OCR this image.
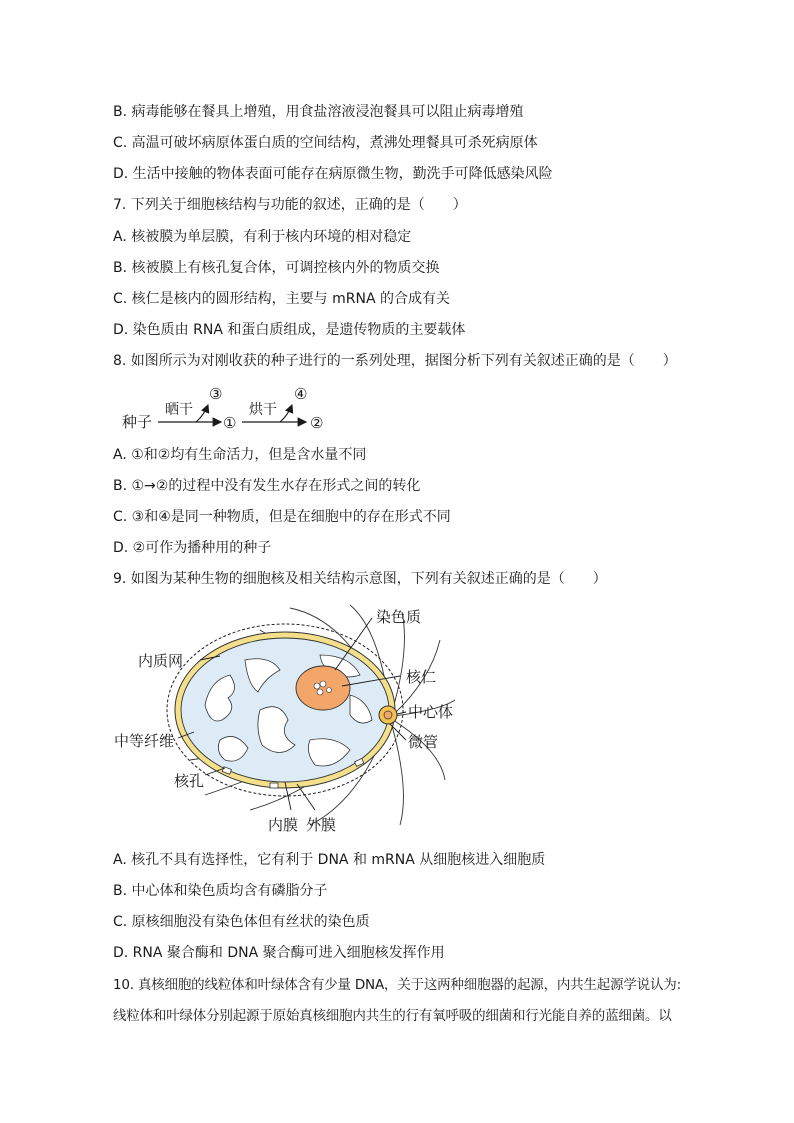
B. 病毒能够在餐具上增殖，用食盐溶液浸泡餐具可以阻止病毒增殖
C. 高温可破坏病原体蛋白质的空间结构，煮沸处理餐具可杀死病原体
D. 生活中接触的物体表面可能存在病原微生物，勤洗手可降低感染风险
7. 下列关于细胞核结构与功能的叙述，正确的是（　　）
A. 核被膜为单层膜，有利于核内环境的相对稳定
B. 核被膜上有核孔复合体，可调控核内外的物质交换
C. 核仁是核内的圆形结构，主要与 mRNA 的合成有关
D. 染色质由 RNA 和蛋白质组成，是遗传物质的主要载体
8. 如图所示为对刚收获的种子进行的一系列处理，据图分析下列有关叙述正确的是（　　）
种子
晒干
③
①
烘干
④
②
A. ①和②均有生命活力，但是含水量不同
B. ①→②的过程中没有发生水存在形式之间的转化
C. ③和④是同一种物质，但是在细胞中的存在形式不同
D. ②可作为播种用的种子
9. 如图为某种生物的细胞核及相关结构示意图，下列有关叙述正确的是（　　）
染色质
内质网
核仁
中心体
中等纤维	微管
核孔
内膜 外膜
A. 核孔不具有选择性，它有利于 DNA 和 mRNA 从细胞核进入细胞质
B. 中心体和染色质均含有磷脂分子
C. 原核细胞没有染色体但有丝状的染色质
D. RNA 聚合酶和 DNA 聚合酶可进入细胞核发挥作用
10. 真核细胞的线粒体和叶绿体含有少量 DNA，关于这两种细胞器的起源，内共生起源学说认为:
线粒体和叶绿体分别起源于原始真核细胞内共生的行有氧呼吸的细菌和行光能自养的蓝细菌。以
